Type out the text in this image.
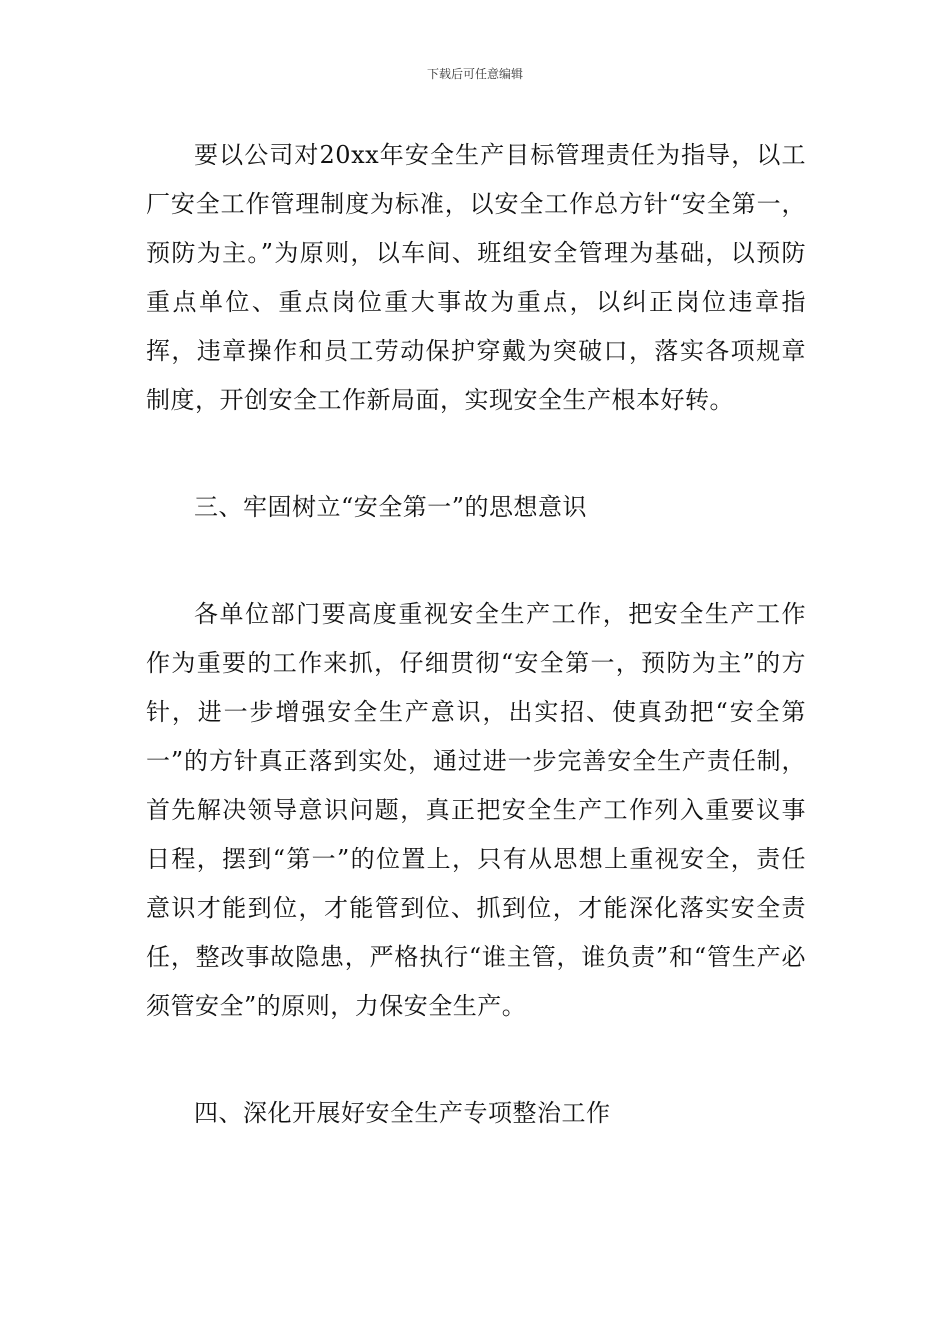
下载后可任意编辑

要以公司对20xx年安全生产目标管理责任为指导，以工厂安全工作管理制度为标准，以安全工作总方针“安全第一，预防为主。”为原则，以车间、班组安全管理为基础，以预防重点单位、重点岗位重大事故为重点，以纠正岗位违章指挥，违章操作和员工劳动保护穿戴为突破口，落实各项规章制度，开创安全工作新局面，实现安全生产根本好转。

三、牢固树立“安全第一”的思想意识

各单位部门要高度重视安全生产工作，把安全生产工作作为重要的工作来抓，仔细贯彻“安全第一，预防为主”的方针，进一步增强安全生产意识，出实招、使真劲把“安全第一”的方针真正落到实处，通过进一步完善安全生产责任制，首先解决领导意识问题，真正把安全生产工作列入重要议事日程，摆到“第一”的位置上，只有从思想上重视安全，责任意识才能到位，才能管到位、抓到位，才能深化落实安全责任，整改事故隐患，严格执行“谁主管，谁负责”和“管生产必须管安全”的原则，力保安全生产。

四、深化开展好安全生产专项整治工作
